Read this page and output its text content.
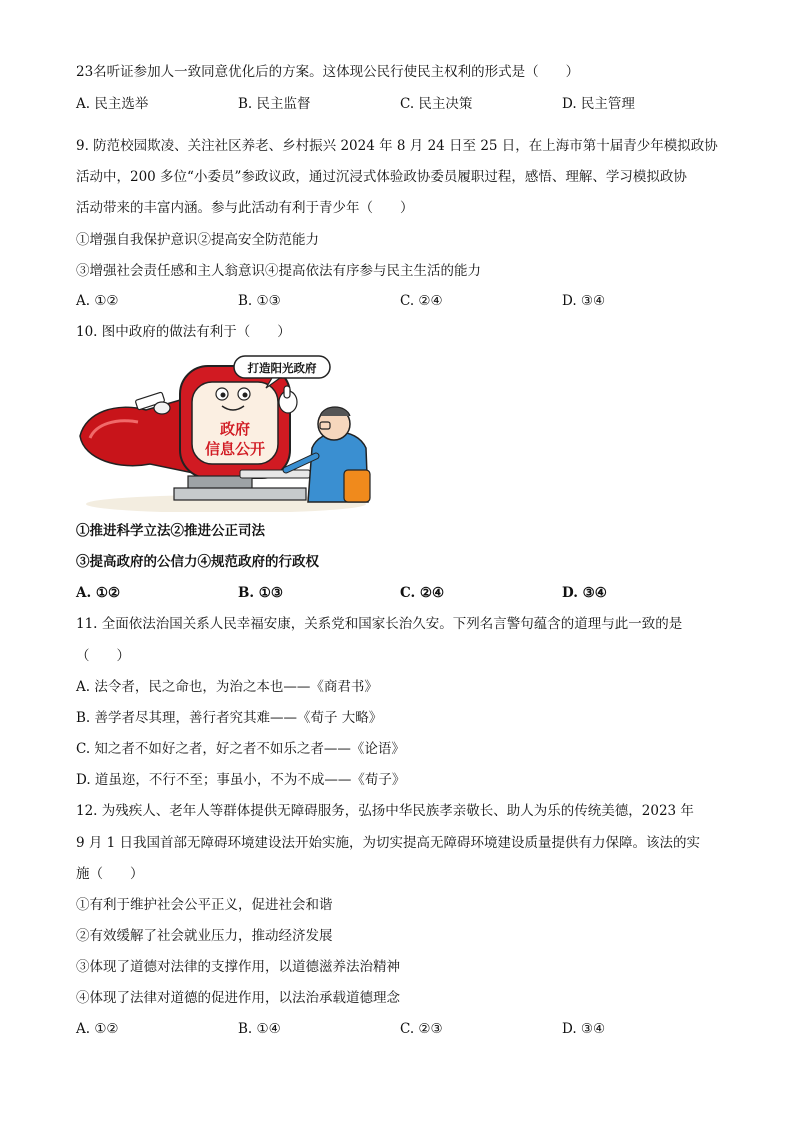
23名听证参加人一致同意优化后的方案。这体现公民行使民主权利的形式是（　　）
A. 民主选举	B. 民主监督	C. 民主决策	D. 民主管理
9. 防范校园欺凌、关注社区养老、乡村振兴 2024 年 8 月 24 日至 25 日，在上海市第十届青少年模拟政协
活动中，200 多位“小委员”参政议政，通过沉浸式体验政协委员履职过程，感悟、理解、学习模拟政协
活动带来的丰富内涵。参与此活动有利于青少年（　　）
①增强自我保护意识②提高安全防范能力
③增强社会责任感和主人翁意识④提高依法有序参与民主生活的能力
A. ①②	B. ①③	C. ②④	D. ③④
10. 图中政府的做法有利于（　　）
政府
信息公开
打造阳光政府
①推进科学立法②推进公正司法
③提高政府的公信力④规范政府的行政权
A. ①②	B. ①③	C. ②④	D. ③④
11. 全面依法治国关系人民幸福安康，关系党和国家长治久安。下列名言警句蕴含的道理与此一致的是
（　　）
A. 法令者，民之命也，为治之本也——《商君书》
B. 善学者尽其理，善行者究其难——《荀子 大略》
C. 知之者不如好之者，好之者不如乐之者——《论语》
D. 道虽迩，不行不至；事虽小，不为不成——《荀子》
12. 为残疾人、老年人等群体提供无障碍服务，弘扬中华民族孝亲敬长、助人为乐的传统美德，2023 年
9 月 1 日我国首部无障碍环境建设法开始实施，为切实提高无障碍环境建设质量提供有力保障。该法的实
施（　　）
①有利于维护社会公平正义，促进社会和谐
②有效缓解了社会就业压力，推动经济发展
③体现了道德对法律的支撑作用，以道德滋养法治精神
④体现了法律对道德的促进作用，以法治承载道德理念
A. ①②	B. ①④	C. ②③	D. ③④
